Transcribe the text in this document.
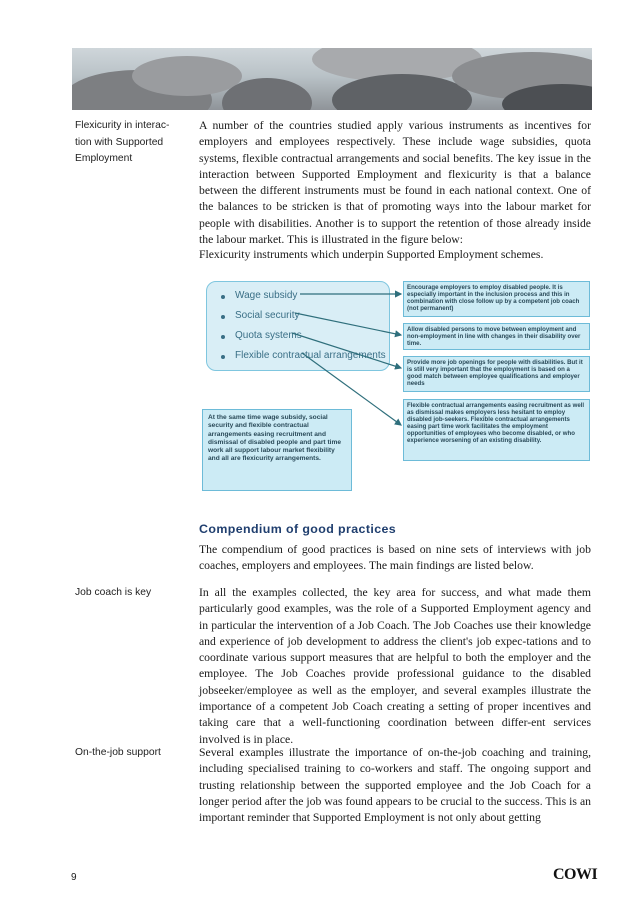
Flexicurity in interac-
tion with Supported
Employment

A number of the countries studied apply various instruments as incentives for employers and employees respectively. These include wage subsidies, quota systems, flexible contractual arrangements and social benefits. The key issue in the interaction between Supported Employment and flexicurity is that a balance between the different instruments must be found in each national context. One of the balances to be stricken is that of promoting ways into the labour market for people with disabilities. Another is to support the retention of those already inside the labour market. This is illustrated in the figure below:

Flexicurity instruments which underpin Supported Employment schemes.

Wage subsidy
Social security
Quota systems
Flexible contractual arrangements
Encourage employers to employ disabled people. It is especially important in the inclusion process and this in combination with close follow up by a competent job coach (not permanent)
Allow disabled persons to move between employment and non-employment in line with changes in their disability over time.
Provide more job openings for people with disabilities. But it is still very important that the employment is based on a good match between employee qualifications and employer needs
Flexible contractual arrangements easing recruitment as well as dismissal makes employers less hesitant to employ disabled job-seekers. Flexible contractual arrangements easing part time work facilitates the employment opportunities of employees who become disabled, or who experience worsening of an existing disability.
At the same time wage subsidy, social security and flexible contractual arrangements easing recruitment and dismissal of disabled people and part time work all support labour market flexibility and all are flexicurity arrangements.
Compendium of good practices

The compendium of good practices is based on nine sets of interviews with job coaches, employers and employees. The main findings are listed below.

Job coach is key	In all the examples collected, the key area for success, and what made them particularly good examples, was the role of a Supported Employment agency and in particular the intervention of a Job Coach. The Job Coaches use their knowledge and experience of job development to address the client's job expec-tations and to coordinate various support measures that are helpful to both the employer and the employee. The Job Coaches provide professional guidance to the disabled jobseeker/employee as well as the employer, and several examples illustrate the importance of a competent Job Coach creating a setting of proper incentives and taking care that a well-functioning coordination between differ-ent services involved is in place.

On-the-job support	Several examples illustrate the importance of on-the-job coaching and training, including specialised training to co-workers and staff. The ongoing support and trusting relationship between the supported employee and the Job Coach for a longer period after the job was found appears to be crucial to the success. This is an important reminder that Supported Employment is not only about getting

9	COWI
